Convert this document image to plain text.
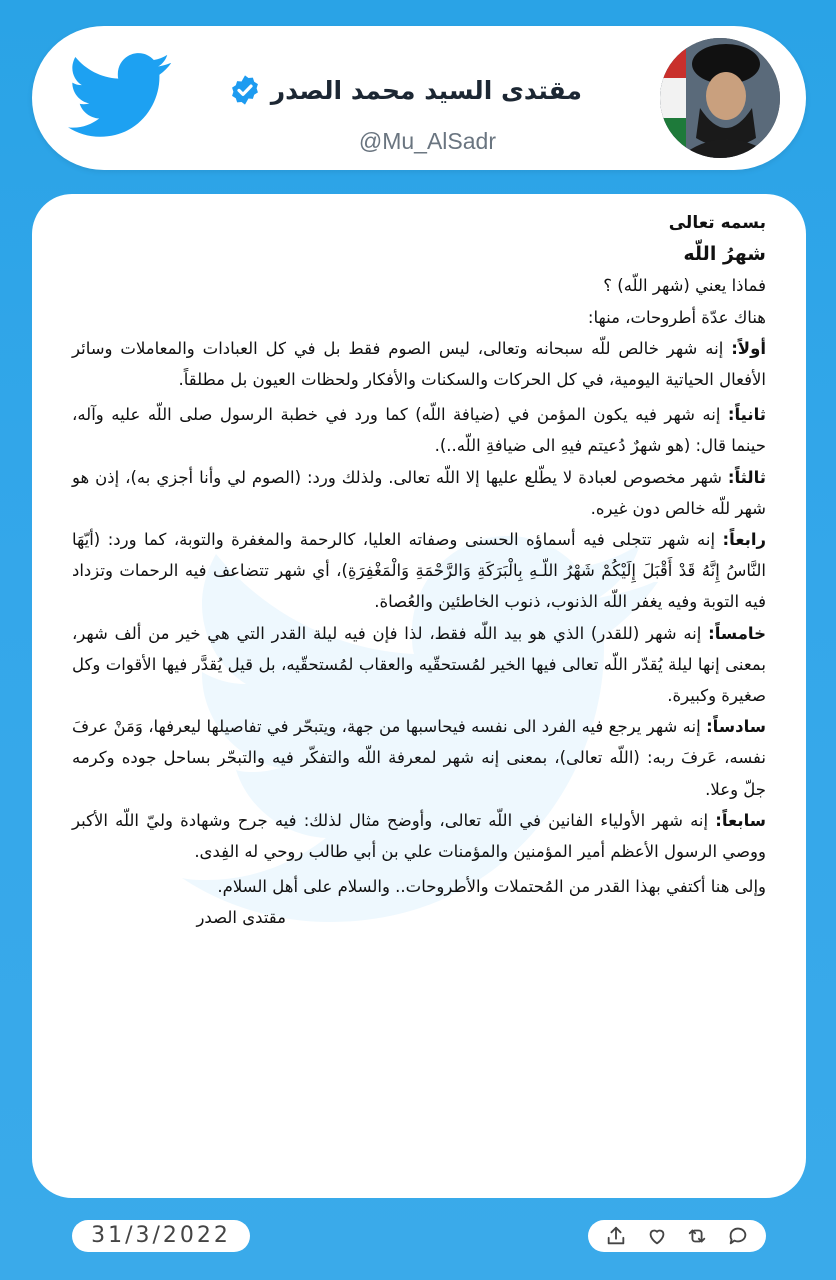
مقتدى السيد محمد الصدر
@Mu_AlSadr

بسمه تعالى

شهرُ اللّه

فماذا يعني (شهر اللّه) ؟

هناك عدّة أطروحات، منها:

أولاً: إنه شهر خالص للّه سبحانه وتعالى، ليس الصوم فقط بل في كل العبادات والمعاملات وسائر الأفعال الحياتية اليومية، في كل الحركات والسكنات والأفكار ولحظات العيون بل مطلقاً.

ثانياً: إنه شهر فيه يكون المؤمن في (ضيافة اللّه) كما ورد في خطبة الرسول صلى اللّه عليه وآله، حينما قال: (هو شهرٌ دُعيتم فيهِ الى ضيافةِ اللّه..).

ثالثاً: شهر مخصوص لعبادة لا يطّلع عليها إلا اللّه تعالى. ولذلك ورد: (الصوم لي وأنا أجزي به)، إذن هو شهر للّه خالص دون غيره.

رابعاً: إنه شهر تتجلى فيه أسماؤه الحسنى وصفاته العليا، كالرحمة والمغفرة والتوبة، كما ورد: (أيّهَا النَّاسُ إِنَّهُ قَدْ أَقْبَلَ إِلَيْكُمْ شَهْرُ اللّـهِ بِالْبَرَكَةِ وَالرَّحْمَةِ وَالْمَغْفِرَةِ)، أي شهر تتضاعف فيه الرحمات وتزداد فيه التوبة وفيه يغفر اللّه الذنوب، ذنوب الخاطئين والعُصاة.

خامساً: إنه شهر (للقدر) الذي هو بيد اللّه فقط، لذا فإن فيه ليلة القدر التي هي خير من ألف شهر، بمعنى إنها ليلة يُقدّر اللّه تعالى فيها الخير لمُستحقّيه والعقاب لمُستحقّيه، بل قيل يُقدَّر فيها الأقوات وكل صغيرة وكبيرة.

سادساً: إنه شهر يرجع فيه الفرد الى نفسه فيحاسبها من جهة، ويتبحّر في تفاصيلها ليعرفها، وَمَنْ عرفَ نفسه، عَرفَ ربه: (اللّه تعالى)، بمعنى إنه شهر لمعرفة اللّه والتفكّر فيه والتبحّر بساحل جوده وكرمه جلّ وعلا.

سابعاً: إنه شهر الأولياء الفانين في اللّه تعالى، وأوضح مثال لذلك: فيه جرح وشهادة وليّ اللّه الأكبر ووصي الرسول الأعظم أمير المؤمنين والمؤمنات علي بن أبي طالب روحي له الفِدى.

وإلى هنا أكتفي بهذا القدر من المُحتملات والأطروحات.. والسلام على أهل السلام.

مقتدى الصدر

31/3/2022
